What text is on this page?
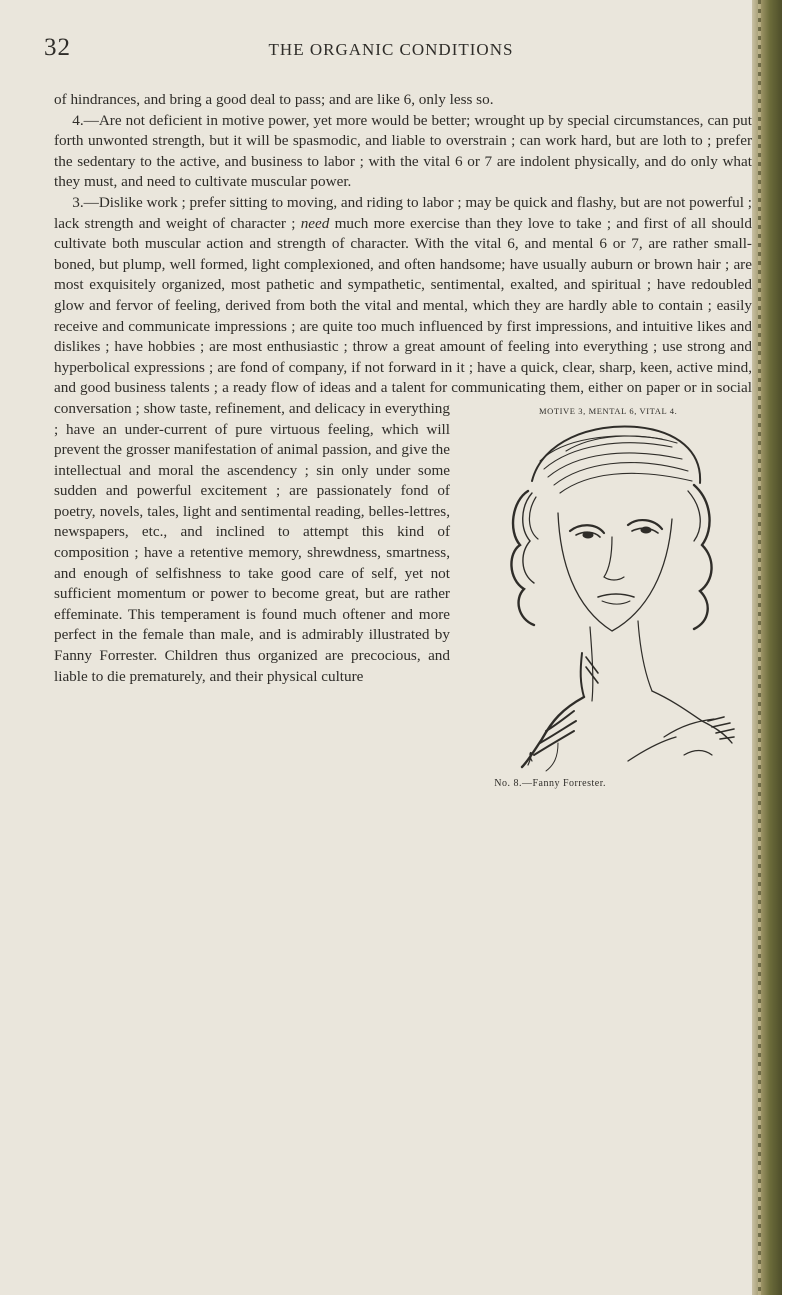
32	THE ORGANIC CONDITIONS

of hindrances, and bring a good deal to pass; and are like 6, only less so.

4.—Are not deficient in motive power, yet more would be better; wrought up by special circumstances, can put forth unwonted strength, but it will be spasmodic, and liable to overstrain ; can work hard, but are loth to ; prefer the sedentary to the active, and business to labor ; with the vital 6 or 7 are indolent physically, and do only what they must, and need to cultivate muscular power.

3.—Dislike work ; prefer sitting to moving, and riding to labor ; may be quick and flashy, but are not powerful ; lack strength and weight of character ; need much more exercise than they love to take ; and first of all should cultivate both muscular action and strength of character. With the vital 6, and mental 6 or 7, are rather small-boned, but plump, well formed, light complexioned, and often handsome; have usually auburn or brown hair ; are most exquisitely organized, most pathetic and sympathetic, sentimental, exalted, and spiritual ; have redoubled glow and fervor of feeling, derived from both the vital and mental, which they are hardly able to contain ; easily receive and communicate impressions ; are quite too much influenced by first impressions, and intuitive likes and dislikes ; have hobbies ; are most enthusiastic ; throw a great amount of feeling into everything ; use strong and hyperbolical expressions ; are fond of company, if not forward in it ; have a quick, clear, sharp, keen, active mind, and good business talents ; a ready flow of ideas and a talent for communicating
MOTIVE 3, MENTAL 6, VITAL 4.
No. 8.—Fanny Forrester.
them, either on paper or in social conversation ; show taste, refinement, and delicacy in everything ; have an under-current of pure virtuous feeling, which will prevent the grosser manifestation of animal passion, and give the intellectual and moral the ascendency ; sin only under some sudden and powerful excitement ; are passionately fond of poetry, novels, tales, light and sentimental reading, belles-lettres, newspapers, etc., and inclined to attempt this kind of composition ; have a retentive memory, shrewdness, smartness, and enough of selfishness to take good care of self, yet not sufficient momentum or power to become great, but are rather effeminate. This temperament is found much oftener and more perfect in the female than male, and is admirably illustrated by Fanny Forrester. Children thus organized are precocious, and liable to die prematurely, and their physical culture
